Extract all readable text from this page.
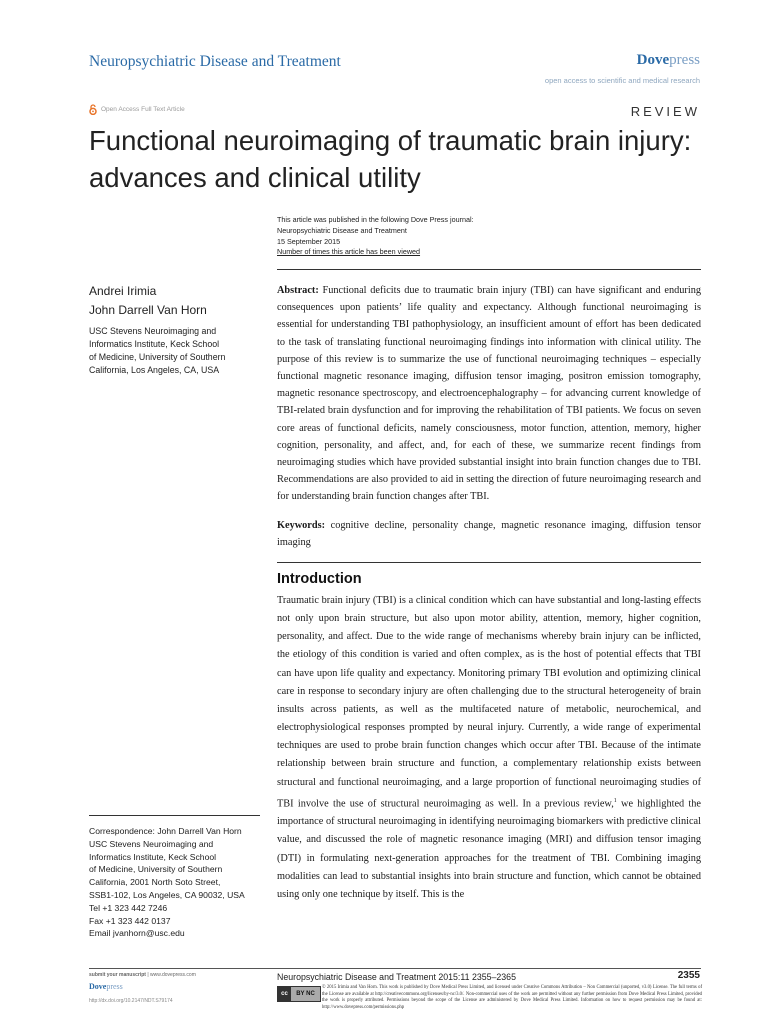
Neuropsychiatric Disease and Treatment	Dovepress
open access to scientific and medical research
Open Access Full Text Article	REVIEW
Functional neuroimaging of traumatic brain injury:
advances and clinical utility
This article was published in the following Dove Press journal:
Neuropsychiatric Disease and Treatment
15 September 2015
Number of times this article has been viewed
Andrei Irimia
John Darrell Van Horn
USC Stevens Neuroimaging and
Informatics Institute, Keck School
of Medicine, University of Southern
California, Los Angeles, CA, USA

Abstract: Functional deficits due to traumatic brain injury (TBI) can have significant and enduring consequences upon patients’ life quality and expectancy. Although functional neuroimaging is essential for understanding TBI pathophysiology, an insufficient amount of effort has been dedicated to the task of translating functional neuroimaging findings into information with clinical utility. The purpose of this review is to summarize the use of functional neuroimaging techniques – especially functional magnetic resonance imaging, diffusion tensor imaging, positron emission tomography, magnetic resonance spectroscopy, and electroencephalography – for advancing current knowledge of TBI-related brain dysfunction and for improving the rehabilitation of TBI patients. We focus on seven core areas of functional deficits, namely consciousness, motor function, attention, memory, higher cognition, personality, and affect, and, for each of these, we summarize recent findings from neuroimaging studies which have provided substantial insight into brain function changes due to TBI. Recommendations are also provided to aid in setting the direction of future neuroimaging research and for understanding brain function changes after TBI.

Keywords: cognitive decline, personality change, magnetic resonance imaging, diffusion tensor imaging

Introduction

Traumatic brain injury (TBI) is a clinical condition which can have substantial and long-lasting effects not only upon brain structure, but also upon motor ability, attention, memory, higher cognition, personality, and affect. Due to the wide range of mechanisms whereby brain injury can be inflicted, the etiology of this condition is varied and often complex, as is the host of potential effects that TBI can have upon life quality and expectancy. Monitoring primary TBI evolution and optimizing clinical care in response to secondary injury are often challenging due to the structural heterogeneity of brain insults across patients, as well as the multifaceted nature of metabolic, neurochemical, and electrophysiological responses prompted by neural injury. Currently, a wide range of experimental techniques are used to probe brain function changes which occur after TBI. Because of the intimate relationship between brain structure and function, a complementary relationship exists between structural and functional neuroimaging, and a large proportion of functional neuroimaging studies of TBI involve the use of structural neuroimaging as well. In a previous review,$^1$ we highlighted the importance of structural neuroimaging in identifying neuroimaging biomarkers with predictive clinical value, and discussed the role of magnetic resonance imaging (MRI) and diffusion tensor imaging (DTI) in formulating next-generation approaches for the treatment of TBI. Combining imaging modalities can lead to substantial insights into brain structure and function, which cannot be obtained using only one technique by itself. This is the

Correspondence: John Darrell Van Horn
USC Stevens Neuroimaging and
Informatics Institute, Keck School
of Medicine, University of Southern
California, 2001 North Soto Street,
SSB1-102, Los Angeles, CA 90032, USA
Tel +1 323 442 7246
Fax +1 323 442 0137
Email jvanhorn@usc.edu
submit your manuscript | www.dovepress.com
Dovepress
http://dx.doi.org/10.2147/NDT.S79174
Neuropsychiatric Disease and Treatment 2015:11 2355–2365	2355
cc	BY NC

© 2015 Irimia and Van Horn. This work is published by Dove Medical Press Limited, and licensed under Creative Commons Attribution – Non Commercial (unported, v3.0) License. The full terms of the License are available at http://creativecommons.org/licenses/by-nc/3.0/. Non-commercial uses of the work are permitted without any further permission from Dove Medical Press Limited, provided the work is properly attributed. Permissions beyond the scope of the License are administered by Dove Medical Press Limited. Information on how to request permission may be found at: http://www.dovepress.com/permissions.php
